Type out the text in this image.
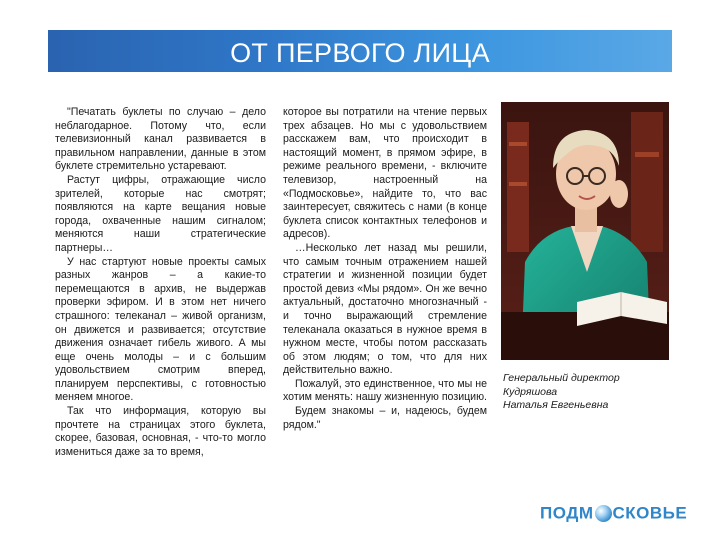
ОТ ПЕРВОГО ЛИЦА

"Печатать буклеты по случаю – дело неблагодарное. Потому что, если телевизионный канал развивается в правильном направлении, данные в этом буклете стремительно устаревают.

Растут цифры, отражающие число зрителей, которые нас смотрят; появляются на карте вещания новые города, охваченные нашим сигналом; меняются наши стратегические партнеры…

У нас стартуют новые проекты самых разных жанров – а какие-то перемещаются в архив, не выдержав проверки эфиром. И в этом нет ничего страшного: телеканал – живой организм, он движется и развивается; отсутствие движения означает гибель живого. А мы еще очень молоды – и с большим удовольствием смотрим вперед, планируем перспективы, с готовностью меняем многое.

Так что информация, которую вы прочтете на страницах этого буклета, скорее, базовая, основная, - что-то могло измениться даже за то время,

которое вы потратили на чтение первых трех абзацев. Но мы с удовольствием расскажем вам, что происходит в настоящий момент, в прямом эфире, в режиме реального времени, - включите телевизор, настроенный на «Подмосковье», найдите то, что вас заинтересует, свяжитесь с нами (в конце буклета список контактных телефонов и адресов).

…Несколько лет назад мы решили, что самым точным отражением нашей стратегии и жизненной позиции будет простой девиз «Мы рядом». Он же вечно актуальный, достаточно многозначный - и точно выражающий стремление телеканала оказаться в нужное время в нужном месте, чтобы потом рассказать об этом людям; о том, что для них действительно важно.

Пожалуй, это единственное, что мы не хотим менять: нашу жизненную позицию.

Будем знакомы – и, надеюсь, будем рядом."

Генеральный директор
Кудряшова
Наталья Евгеньевна
ПОДМ СКОВЬЕ
